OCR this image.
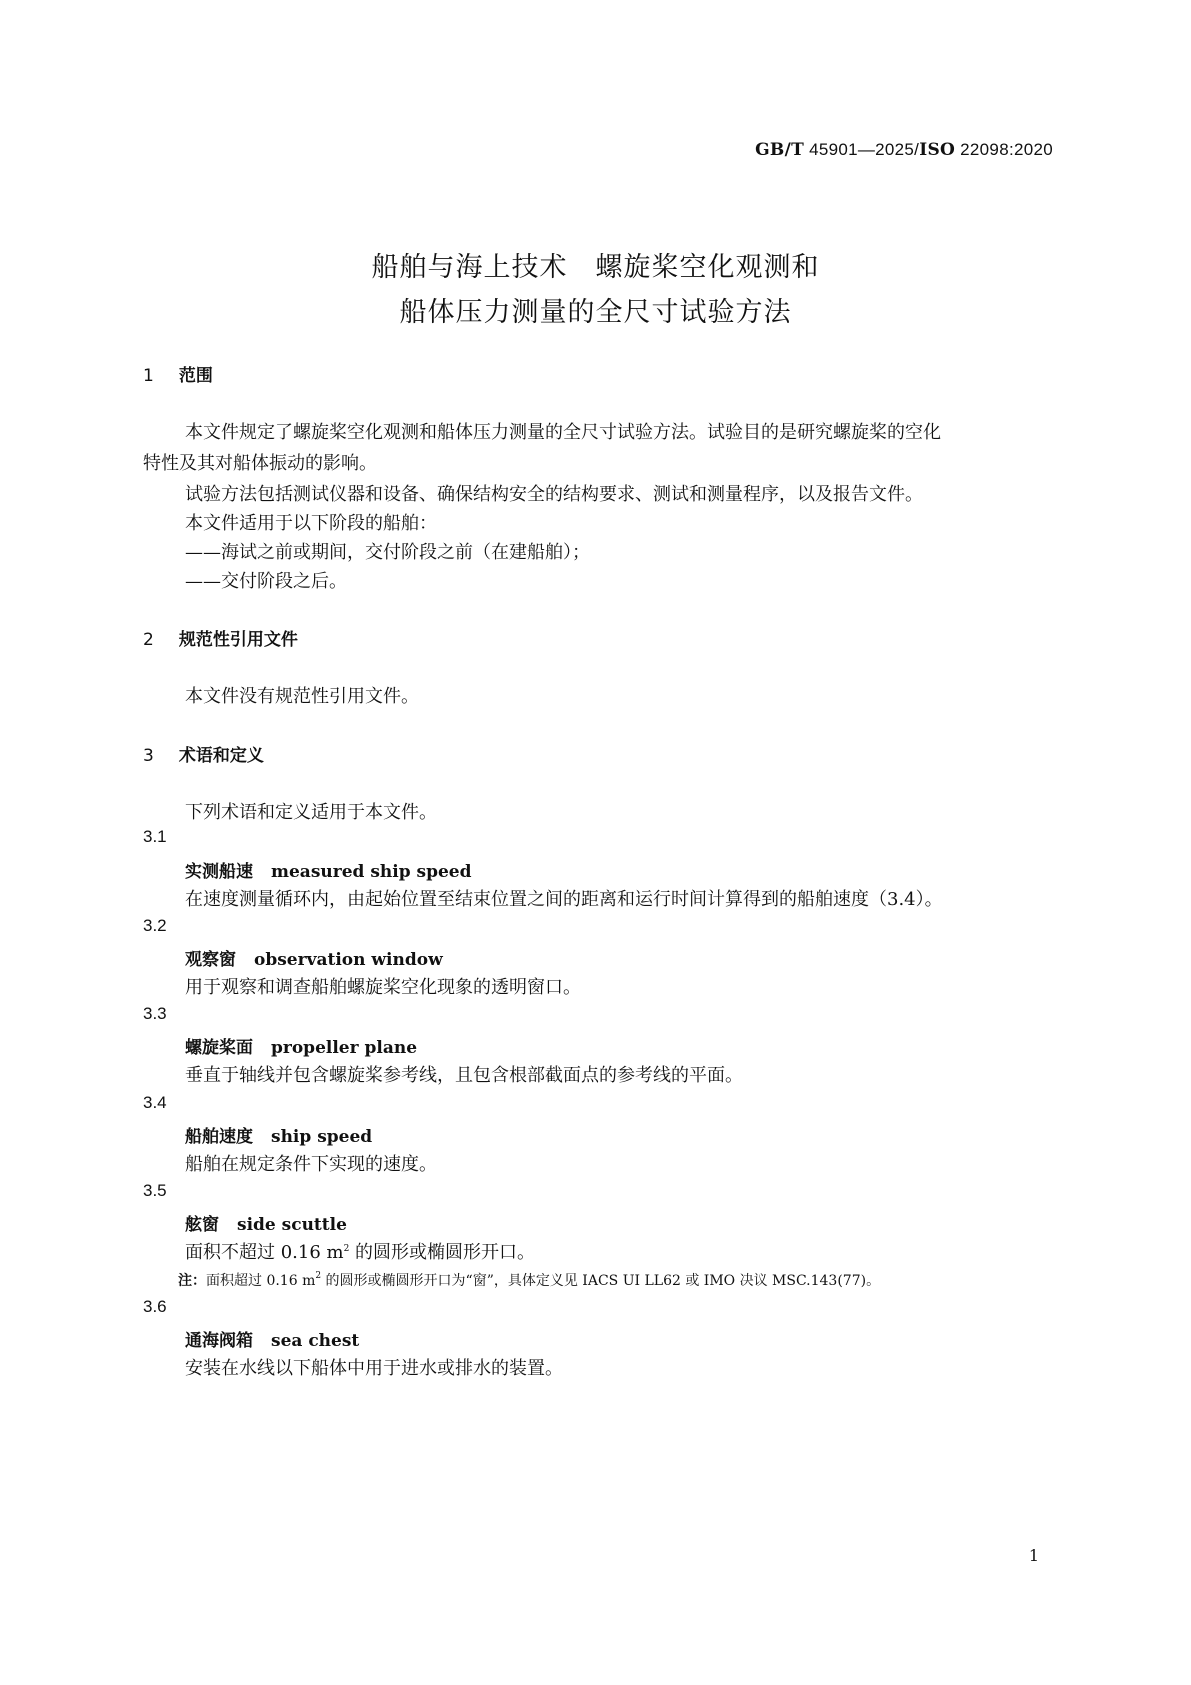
GB/T 45901—2025/ISO 22098:2020
船舶与海上技术　螺旋桨空化观测和
船体压力测量的全尺寸试验方法
1 范围
本文件规定了螺旋桨空化观测和船体压力测量的全尺寸试验方法。试验目的是研究螺旋桨的空化
特性及其对船体振动的影响。
试验方法包括测试仪器和设备、确保结构安全的结构要求、测试和测量程序，以及报告文件。
本文件适用于以下阶段的船舶：
——海试之前或期间，交付阶段之前（在建船舶）；
——交付阶段之后。
2 规范性引用文件
本文件没有规范性引用文件。
3 术语和定义
下列术语和定义适用于本文件。
3.1
实测船速 measured ship speed
在速度测量循环内，由起始位置至结束位置之间的距离和运行时间计算得到的船舶速度（3.4）。
3.2
观察窗 observation window
用于观察和调查船舶螺旋桨空化现象的透明窗口。
3.3
螺旋桨面 propeller plane
垂直于轴线并包含螺旋桨参考线，且包含根部截面点的参考线的平面。
3.4
船舶速度 ship speed
船舶在规定条件下实现的速度。
3.5
舷窗 side scuttle
面积不超过 0.16 $m^2$ 的圆形或椭圆形开口。
注：面积超过 0.16 $m^2$ 的圆形或椭圆形开口为“窗”，具体定义见 IACS UI LL62 或 IMO 决议 MSC.143(77)。
3.6
通海阀箱 sea chest
安装在水线以下船体中用于进水或排水的装置。
1
